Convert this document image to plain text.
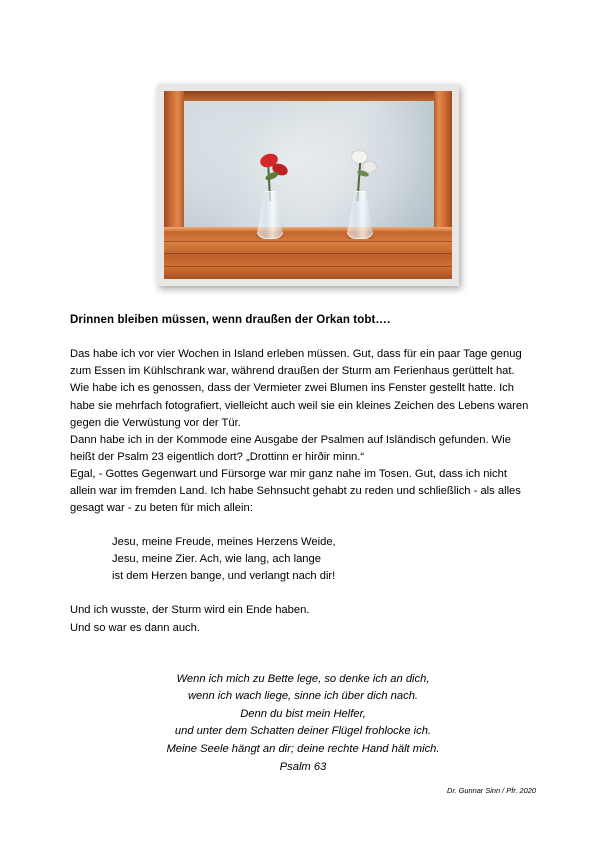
Drinnen bleiben müssen, wenn draußen der Orkan tobt….

Das habe ich vor vier Wochen in Island erleben müssen. Gut, dass für ein paar Tage genug zum Essen im Kühlschrank war, während draußen der Sturm am Ferienhaus gerüttelt hat.

Wie habe ich es genossen, dass der Vermieter zwei Blumen ins Fenster gestellt hatte. Ich habe sie mehrfach fotografiert, vielleicht auch weil sie ein kleines Zeichen des Lebens waren gegen die Verwüstung vor der Tür.

Dann habe ich in der Kommode eine Ausgabe der Psalmen auf Isländisch gefunden. Wie heißt der Psalm 23 eigentlich dort? „Drottinn er hirðir minn.“

Egal, - Gottes Gegenwart und Fürsorge war mir ganz nahe im Tosen. Gut, dass ich nicht allein war im fremden Land. Ich habe Sehnsucht gehabt zu reden und schließlich - als alles gesagt war - zu beten für mich allein:

Jesu, meine Freude, meines Herzens Weide,

Jesu, meine Zier. Ach, wie lang, ach lange

ist dem Herzen bange, und verlangt nach dir!

Und ich wusste, der Sturm wird ein Ende haben.

Und so war es dann auch.

Wenn ich mich zu Bette lege, so denke ich an dich,

wenn ich wach liege, sinne ich über dich nach.

Denn du bist mein Helfer,

und unter dem Schatten deiner Flügel frohlocke ich.

Meine Seele hängt an dir; deine rechte Hand hält mich.

Psalm 63

Dr. Gunnar Sinn / Pfr. 2020
